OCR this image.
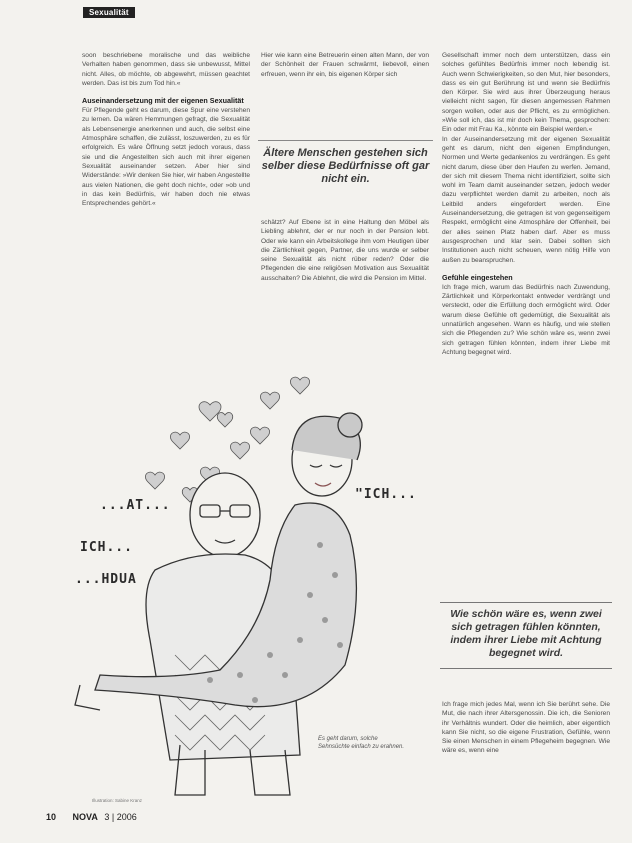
Sexualität

soon beschriebene moralische und das weibliche Verhalten haben genommen, dass sie unbewusst, Mittel nicht. Alles, ob möchte, ob abgewehrt, müssen geachtet werden. Das ist bis zum Tod hin.«

Auseinandersetzung mit der eigenen Sexualität

Für Pflegende geht es darum, diese Spur eine verstehen zu lernen. Da wären Hemmungen gefragt, die Sexualität als Lebensenergie anerkennen und auch, die selbst eine Atmosphäre schaffen, die zulässt, loszuwerden, zu es für erfolgreich. Es wäre Öffnung setzt jedoch voraus, dass sie und die Angestellten sich auch mit ihrer eigenen Sexualität auseinander setzen. Aber hier sind Widerstände: »Wir denken Sie hier, wir haben Angestellte aus vielen Nationen, die geht doch nicht«, oder »ob und in das kein Bedürfnis, wir haben doch nie etwas Entsprechendes gehört.«

Hier wie kann eine Betreuerin einen alten Mann, der von der Schönheit der Frauen schwärmt, liebevoll, einen erfreuen, wenn ihr ein, bis eigenen Körper sich

Ältere Menschen gestehen sich selber diese Bedürfnisse oft gar nicht ein.

schätzt? Auf Ebene ist in eine Haltung den Möbel als Liebling ablehnt, der er nur noch in der Pension lebt. Oder wie kann ein Arbeitskollege ihm vom Heutigen über die Zärtlichkeit gegen, Partner, die uns wurde er selber seine Sexualität als nicht rüber reden? Oder die Pflegenden die eine religiösen Motivation aus Sexualität ausschalten? Die Ablehnt, die wird die Pension im Mittel.

Gesellschaft immer noch dem unterstützen, dass ein solches gefühltes Bedürfnis immer noch lebendig ist. Auch wenn Schwierigkeiten, so den Mut, hier besonders, dass es ein gut Berührung ist und wenn sie Bedürfnis den Körper. Sie wird aus ihrer Überzeugung heraus vielleicht nicht sagen, für diesen angemessen Rahmen sorgen wollen, oder aus der Pflicht, es zu ermöglichen. »Wie soll ich, das ist mir doch kein Thema, gesprochen: Ein oder mit Frau Ka., könnte ein Beispiel werden.«

In der Auseinandersetzung mit der eigenen Sexualität geht es darum, nicht den eigenen Empfindungen, Normen und Werte gedankenlos zu verdrängen. Es geht nicht darum, diese über den Haufen zu werfen. Jemand, der sich mit diesem Thema nicht identifiziert, sollte sich wohl im Team damit auseinander setzen, jedoch weder dazu verpflichtet werden damit zu arbeiten, noch als Leitbild anders eingefordert werden. Eine Auseinandersetzung, die getragen ist von gegenseitigem Respekt, ermöglicht eine Atmosphäre der Offenheit, bei der alles seinen Platz haben darf. Aber es muss ausgesprochen und klar sein. Dabei sollten sich Institutionen auch nicht scheuen, wenn nötig Hilfe von außen zu beanspruchen.

Gefühle eingestehen

Ich frage mich, warum das Bedürfnis nach Zuwendung, Zärtlichkeit und Körperkontakt entweder verdrängt und versteckt, oder die Erfüllung doch ermöglicht wird. Oder warum diese Gefühle oft gedemütigt, die Sexualität als unnatürlich angesehen. Wann es häufig, und wie stellen sich die Pflegenden zu? Wie schön wäre es, wenn zwei sich getragen fühlen könnten, indem ihrer Liebe mit Achtung begegnet wird.

Wie schön wäre es, wenn zwei sich getragen fühlen könnten, indem ihrer Liebe mit Achtung begegnet wird.

Ich frage mich jedes Mal, wenn ich Sie berührt sehe. Die Mut, die nach ihrer Altersgenossin. Die ich, die Senioren ihr Verhältnis wundert. Oder die heimlich, aber eigentlich kann Sie nicht, so die eigene Frustration, Gefühle, wenn Sie einen Menschen in einem Pflegeheim begegnen. Wie wäre es, wenn eine

...AT...
ICH...
...HDUA
"ICH...
Es geht darum, solche Sehnsüchte einfach zu erahnen.
Illustration: Sabine Kranz
10 NOVA 3 | 2006
